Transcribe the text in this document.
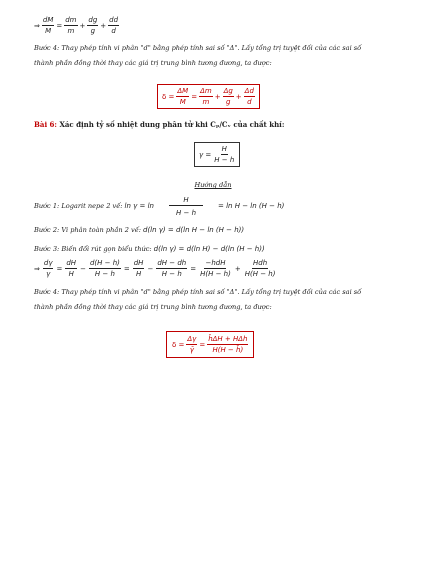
⇒ $\frac{dM}{M} = \frac{dm}{m} + \frac{dg}{g} + \frac{dd}{d}$
Bước 4: Thay phép tính vi phân "d" bằng phép tính sai số "Δ". Lấy tổng trị tuyệt đối của các sai số
thành phần đồng thời thay các giá trị trung bình tương đương, ta được:
$\delta = \frac{\Delta M}{M} = \frac{\Delta m}{m} + \frac{\Delta g}{g} + \frac{\Delta d}{d}$
Bài 6: Xác định tỷ số nhiệt dung phân tử khi Cₚ/Cᵥ của chất khí:
$\gamma = \frac{H}{H - h}$
Hướng dẫn
Bước 1: Logarit nepe 2 vế: $\ln \gamma = \ln \frac{H}{H - h} = \ln H - \ln (H - h)$
Bước 2: Vi phân toàn phần 2 vế: d(ln γ) = d(ln H − ln (H − h))
Bước 3: Biến đổi rút gọn biểu thức: d(ln γ) = d(ln H) − d(ln (H − h))
⇒ $\frac{d\gamma}{\gamma} = \frac{dH}{H} - \frac{d(H - h)}{H - h} = \frac{dH}{H} - \frac{dH - dh}{H - h} = \frac{\text{−hdH}}{H(H - h)} + \frac{\text{Hdh}}{H(H - h)}$
Bước 4: Thay phép tính vi phân "d" bằng phép tính sai số "Δ". Lấy tổng trị tuyệt đối của các sai số
thành phần đồng thời thay các giá trị trung bình tương đương, ta được:
$\delta = \frac{\Delta\gamma}{\gammā} = \frac{\text{h̄ΔH + HΔh}}{H(H - h̄)}$
